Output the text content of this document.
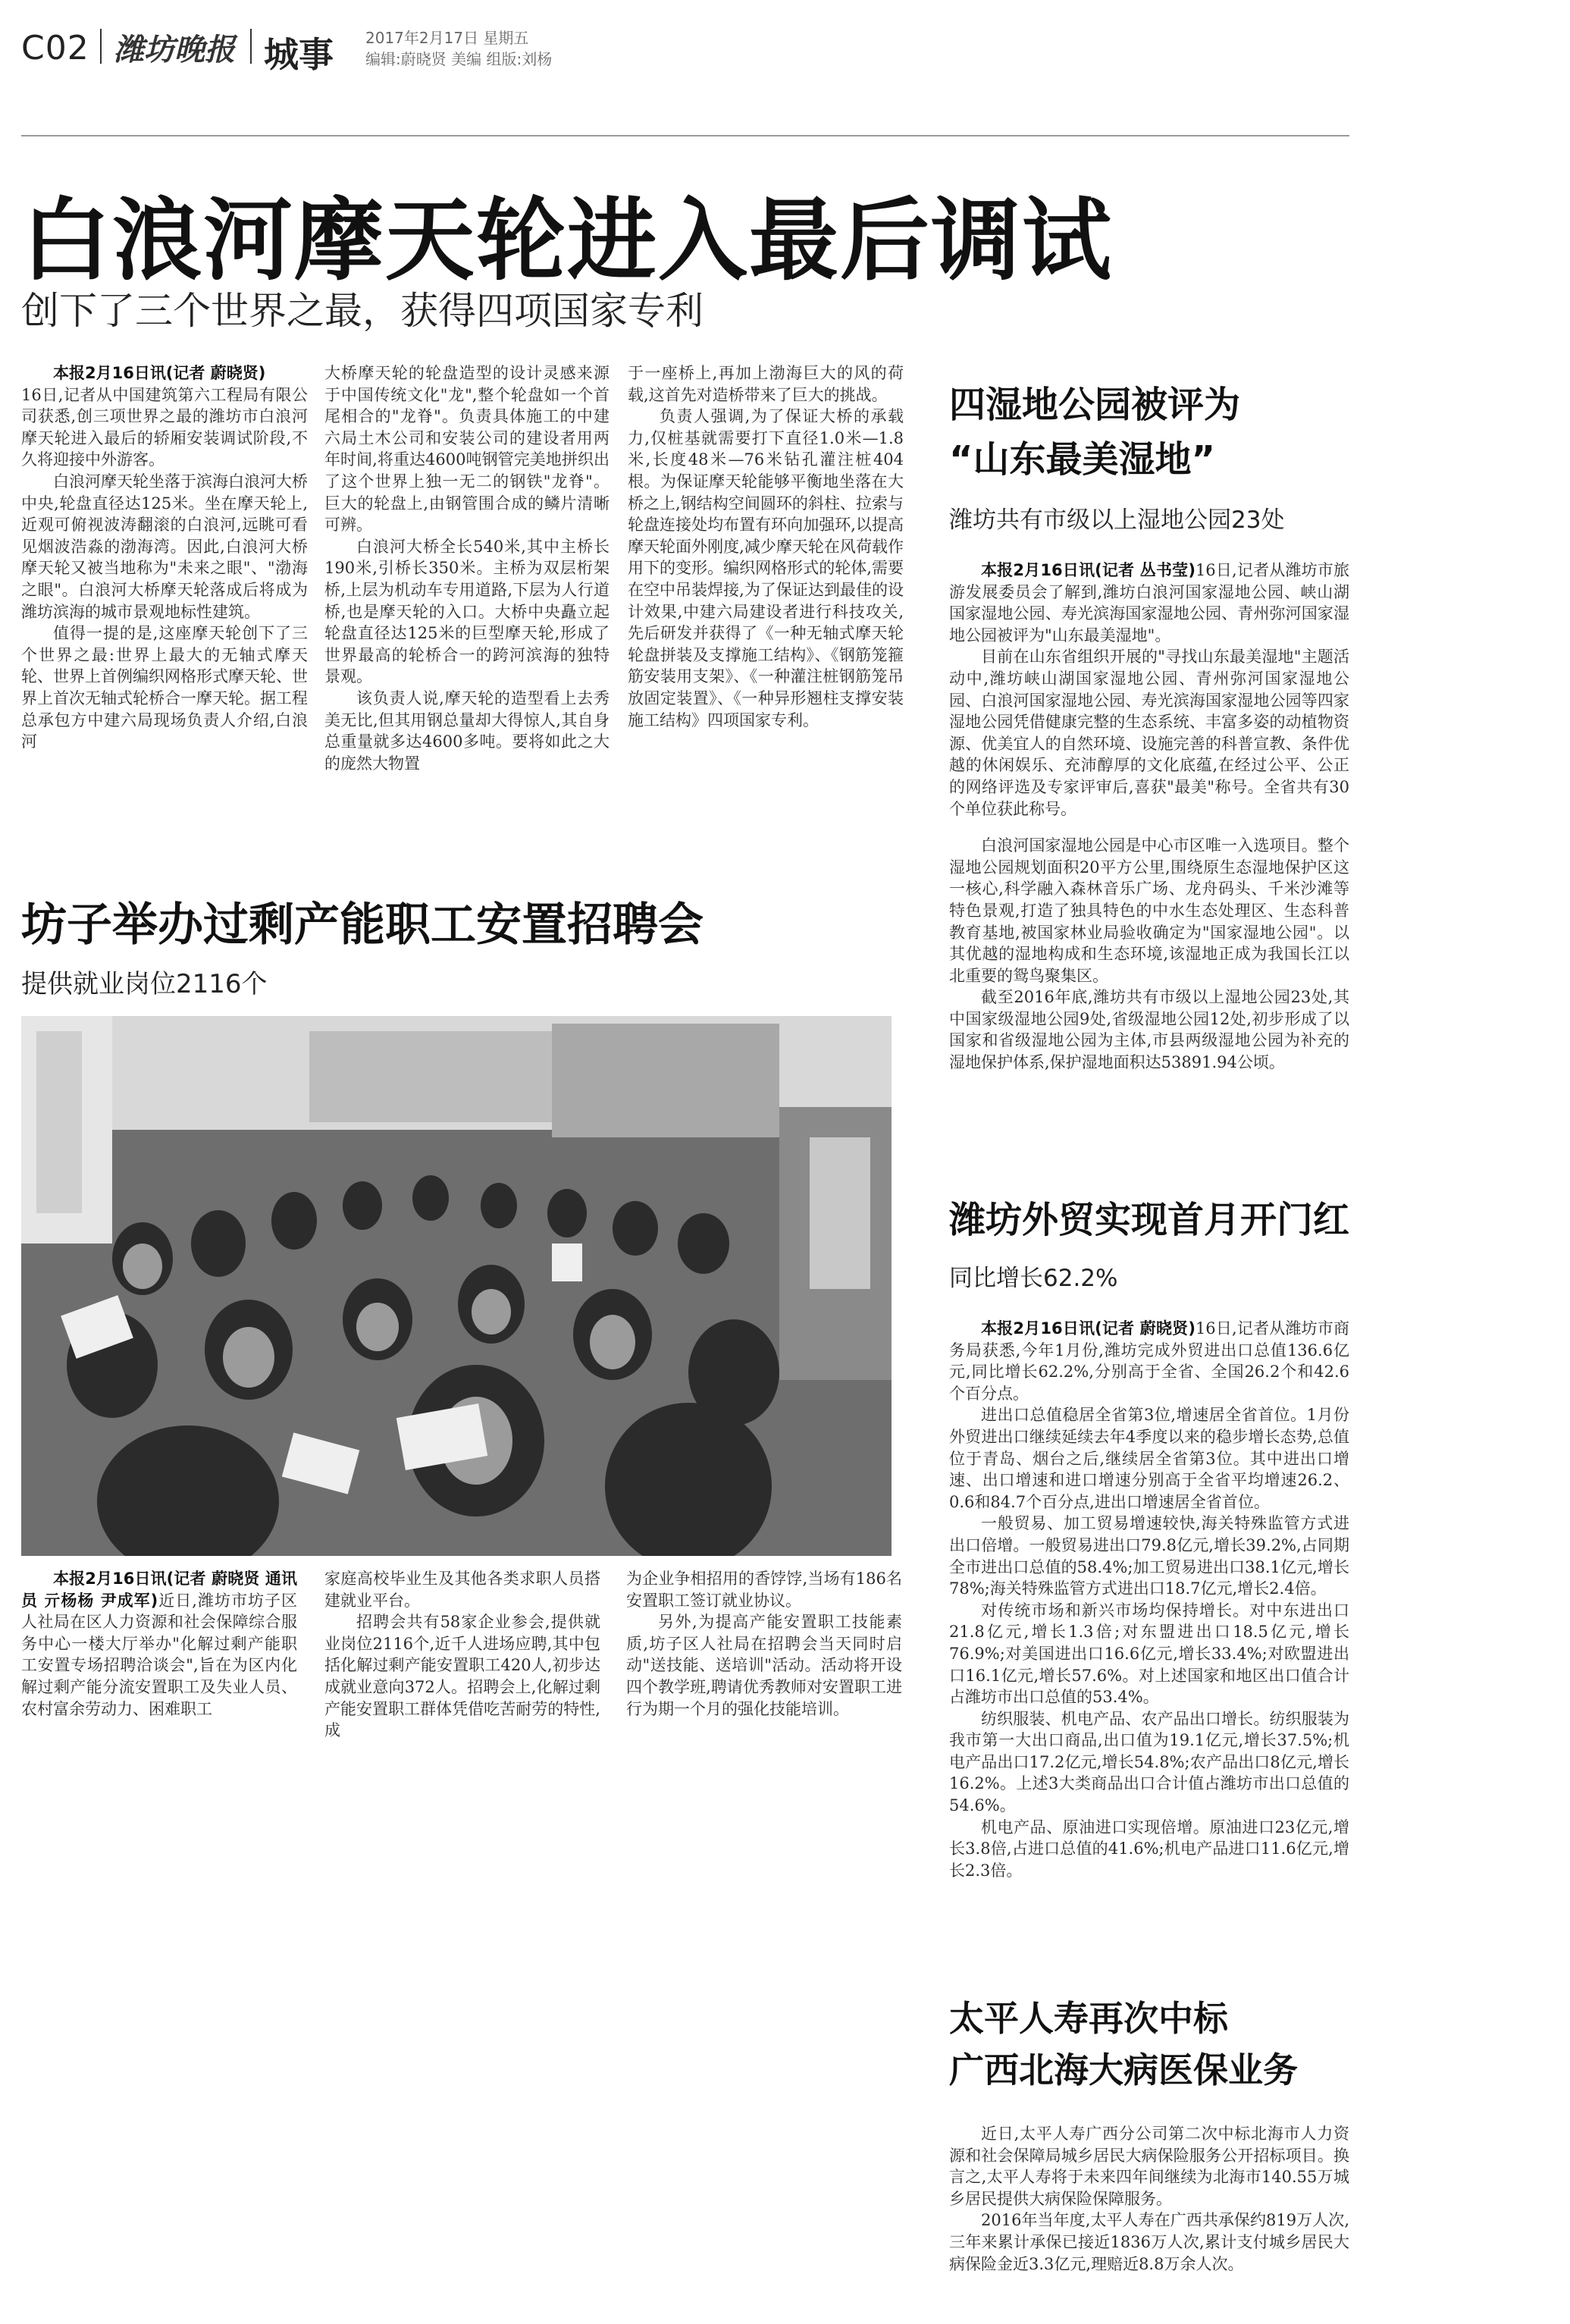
C02 潍坊晚报 城事 2017年2月17日 星期五
编辑:蔚晓贤 美编 组版:刘杨
白浪河摩天轮进入最后调试
创下了三个世界之最，获得四项国家专利

本报2月16日讯(记者 蔚晓贤)

16日,记者从中国建筑第六工程局有限公司获悉,创三项世界之最的潍坊市白浪河摩天轮进入最后的轿厢安装调试阶段,不久将迎接中外游客。

白浪河摩天轮坐落于滨海白浪河大桥中央,轮盘直径达125米。坐在摩天轮上,近观可俯视波涛翻滚的白浪河,远眺可看见烟波浩淼的渤海湾。因此,白浪河大桥摩天轮又被当地称为"未来之眼"、"渤海之眼"。白浪河大桥摩天轮落成后将成为潍坊滨海的城市景观地标性建筑。

值得一提的是,这座摩天轮创下了三个世界之最:世界上最大的无轴式摩天轮、世界上首例编织网格形式摩天轮、世界上首次无轴式轮桥合一摩天轮。据工程总承包方中建六局现场负责人介绍,白浪河

大桥摩天轮的轮盘造型的设计灵感来源于中国传统文化"龙",整个轮盘如一个首尾相合的"龙脊"。负责具体施工的中建六局土木公司和安装公司的建设者用两年时间,将重达4600吨钢管完美地拼织出了这个世界上独一无二的钢铁"龙脊"。巨大的轮盘上,由钢管围合成的鳞片清晰可辨。

白浪河大桥全长540米,其中主桥长190米,引桥长350米。主桥为双层桁架桥,上层为机动车专用道路,下层为人行道桥,也是摩天轮的入口。大桥中央矗立起轮盘直径达125米的巨型摩天轮,形成了世界最高的轮桥合一的跨河滨海的独特景观。

该负责人说,摩天轮的造型看上去秀美无比,但其用钢总量却大得惊人,其自身总重量就多达4600多吨。要将如此之大的庞然大物置

于一座桥上,再加上渤海巨大的风的荷载,这首先对造桥带来了巨大的挑战。

负责人强调,为了保证大桥的承载力,仅桩基就需要打下直径1.0米—1.8米,长度48米—76米钻孔灌注桩404根。为保证摩天轮能够平衡地坐落在大桥之上,钢结构空间圆环的斜柱、拉索与轮盘连接处均布置有环向加强环,以提高摩天轮面外刚度,减少摩天轮在风荷载作用下的变形。编织网格形式的轮体,需要在空中吊装焊接,为了保证达到最佳的设计效果,中建六局建设者进行科技攻关,先后研发并获得了《一种无轴式摩天轮轮盘拼装及支撑施工结构》、《钢筋笼箍筋安装用支架》、《一种灌注桩钢筋笼吊放固定装置》、《一种异形翘柱支撑安装施工结构》四项国家专利。

坊子举办过剩产能职工安置招聘会
提供就业岗位2116个

本报2月16日讯(记者 蔚晓贤 通讯员 亓杨杨 尹成军)近日,潍坊市坊子区人社局在区人力资源和社会保障综合服务中心一楼大厅举办"化解过剩产能职工安置专场招聘洽谈会",旨在为区内化解过剩产能分流安置职工及失业人员、农村富余劳动力、困难职工

家庭高校毕业生及其他各类求职人员搭建就业平台。

招聘会共有58家企业参会,提供就业岗位2116个,近千人进场应聘,其中包括化解过剩产能安置职工420人,初步达成就业意向372人。招聘会上,化解过剩产能安置职工群体凭借吃苦耐劳的特性,成

为企业争相招用的香饽饽,当场有186名安置职工签订就业协议。

另外,为提高产能安置职工技能素质,坊子区人社局在招聘会当天同时启动"送技能、送培训"活动。活动将开设四个教学班,聘请优秀教师对安置职工进行为期一个月的强化技能培训。

四湿地公园被评为
“山东最美湿地”
潍坊共有市级以上湿地公园23处

本报2月16日讯(记者 丛书莹)16日,记者从潍坊市旅游发展委员会了解到,潍坊白浪河国家湿地公园、峡山湖国家湿地公园、寿光滨海国家湿地公园、青州弥河国家湿地公园被评为"山东最美湿地"。

目前在山东省组织开展的"寻找山东最美湿地"主题活动中,潍坊峡山湖国家湿地公园、青州弥河国家湿地公园、白浪河国家湿地公园、寿光滨海国家湿地公园等四家湿地公园凭借健康完整的生态系统、丰富多姿的动植物资源、优美宜人的自然环境、设施完善的科普宣教、条件优越的休闲娱乐、充沛醇厚的文化底蕴,在经过公平、公正的网络评选及专家评审后,喜获"最美"称号。全省共有30个单位获此称号。

白浪河国家湿地公园是中心市区唯一入选项目。整个湿地公园规划面积20平方公里,围绕原生态湿地保护区这一核心,科学融入森林音乐广场、龙舟码头、千米沙滩等特色景观,打造了独具特色的中水生态处理区、生态科普教育基地,被国家林业局验收确定为"国家湿地公园"。以其优越的湿地构成和生态环境,该湿地正成为我国长江以北重要的鸳鸟聚集区。

截至2016年底,潍坊共有市级以上湿地公园23处,其中国家级湿地公园9处,省级湿地公园12处,初步形成了以国家和省级湿地公园为主体,市县两级湿地公园为补充的湿地保护体系,保护湿地面积达53891.94公顷。

潍坊外贸实现首月开门红
同比增长62.2%

本报2月16日讯(记者 蔚晓贤)16日,记者从潍坊市商务局获悉,今年1月份,潍坊完成外贸进出口总值136.6亿元,同比增长62.2%,分别高于全省、全国26.2个和42.6个百分点。

进出口总值稳居全省第3位,增速居全省首位。1月份外贸进出口继续延续去年4季度以来的稳步增长态势,总值位于青岛、烟台之后,继续居全省第3位。其中进出口增速、出口增速和进口增速分别高于全省平均增速26.2、0.6和84.7个百分点,进出口增速居全省首位。

一般贸易、加工贸易增速较快,海关特殊监管方式进出口倍增。一般贸易进出口79.8亿元,增长39.2%,占同期全市进出口总值的58.4%;加工贸易进出口38.1亿元,增长78%;海关特殊监管方式进出口18.7亿元,增长2.4倍。

对传统市场和新兴市场均保持增长。对中东进出口21.8亿元,增长1.3倍;对东盟进出口18.5亿元,增长76.9%;对美国进出口16.6亿元,增长33.4%;对欧盟进出口16.1亿元,增长57.6%。对上述国家和地区出口值合计占潍坊市出口总值的53.4%。

纺织服装、机电产品、农产品出口增长。纺织服装为我市第一大出口商品,出口值为19.1亿元,增长37.5%;机电产品出口17.2亿元,增长54.8%;农产品出口8亿元,增长16.2%。上述3大类商品出口合计值占潍坊市出口总值的54.6%。

机电产品、原油进口实现倍增。原油进口23亿元,增长3.8倍,占进口总值的41.6%;机电产品进口11.6亿元,增长2.3倍。

太平人寿再次中标
广西北海大病医保业务

近日,太平人寿广西分公司第二次中标北海市人力资源和社会保障局城乡居民大病保险服务公开招标项目。换言之,太平人寿将于未来四年间继续为北海市140.55万城乡居民提供大病保险保障服务。

2016年当年度,太平人寿在广西共承保约819万人次,三年来累计承保已接近1836万人次,累计支付城乡居民大病保险金近3.3亿元,理赔近8.8万余人次。
